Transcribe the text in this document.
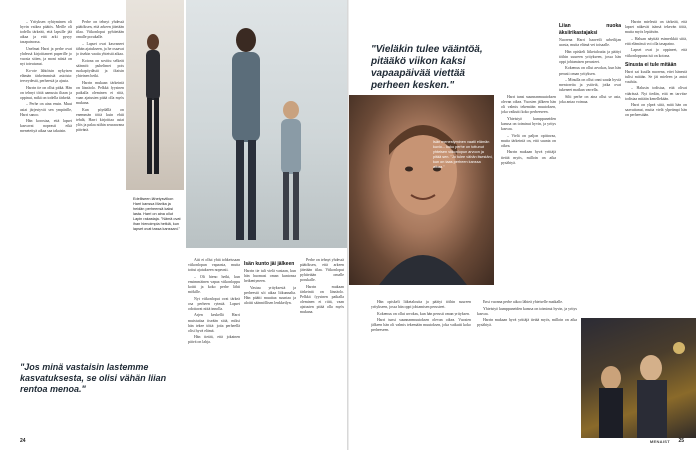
– Yrityksen ryhtyminen oli hyvin vaikea päätös. Meille oli todella tärkeää, että lapsille jää aikaa ja että arki pysyy tasapainossa.

Unelmat Harri ja perhe ovat yhdessä kirjoittaneet paperille jo vuosia sitten, ja moni niistä on nyt toteutunut.

Ko-ote lähtöisin nykyisen elämän tärkeimmistä asioista: terveydestä, perheestä ja ajasta.

Harrin tie on ollut pitkä. Hän on tehnyt töitä aamusta iltaan ja oppinut, mikä on todella tärkeää.

– Perhe on aina ensin. Muut asiat järjestyvät sen ympärille, Harri sanoo.

Hän korostaa, että lapset kasvavat nopeasti eikä menetettyä aikaa saa takaisin.

Perhe on tehnyt yhdessä päätöksen, että arkeen jätetään tilaa. Viikonloput pyhitetään omalle porukalle.

– Lapset ovat kasvaneet tähän ajatukseen, ja he osaavat jo itsekin vaatia yhteistä aikaa.

Kotona on sovittu selkeät säännöt: puhelimet pois ruokapöydästä ja iltaisin yhteinen hetki.

Harrin mukaan tärkeintä on läsnäolo. Pelkkä fyysinen paikalla oleminen ei riitä, vaan ajatusten pitää olla myös mukana.

Kun pöydällä on enemmän töitä kuin ehtii tehdä, Harri kirjoittaa asiat ylös ja palaa niihin seuraavana päivänä.

Edelliseen lähetysviikon Harri kanssa Marika ja heidän perheensä kaksi lasta. Harri on aina ollut Lapin rakastaja. "Nämä ovat ihan hienoimpia hetkiä, kun lapset ovat tassa kanssani."

Äiti ei ollut yhtä tohkeissaan viikonlopun vapaasta, mutta tottui ajatukseen nopeasti.

– Oli hieno hetki, kun ensimmäinen vapaa viikonloppu koitti ja koko perhe lähti mökille.

Nyt viikonloput ovat tärkeä osa perheen rytmiä. Lapset odottavat niitä innolla.

Arjen keskellä Harri muistuttaa itseään siitä, miksi hän tekee töitä: jotta perheellä olisi hyvä elämä.

Hän tietää, että jokainen päivä on lahja.

Isän kunto jäi jälkeen

Harrin tie tuli vielä vastaan, kun hän huomasi oman kuntonsa heikentyneen.

Vastuu yrityksestä ja perheestä söi aikaa liikunnalta. Hän päätti muuttaa suuntaa ja aloitti säännöllisen lenkkeilyn.

Perhe on tehnyt yhdessä päätöksen, että arkeen jätetään tilaa. Viikonloput pyhitetään omalle porukalle.

Harrin mukaan tärkeintä on läsnäolo. Pelkkä fyysinen paikalla oleminen ei riitä, vaan ajatusten pitää olla myös mukana.

"Jos minä vastaisin lastemme kasvatuksesta, se olisi vähän liian rentoa menoa."
24
"Vieläkin tulee vääntöä, pitääkö viikon kaksi vapaapäivää viettää perheen kesken."
Isän menestyminen vaatii elämän kuvio... koko perhe on tottunut yhteisen viikonlopun arvoon ja pitää sen. "Jo tulee vähän itsestäni, kun on taas perheen kanssa aikaa."

Harri tunsi suunnanmuutoksen olevan oikea. Vuosien jälkeen hän oli valmis tekemään muutoksen, joka vaikutti koko perheeseen.

Yhteistyö kumppaneiden kanssa on toiminut hyvin, ja yritys kasvaa.

– Vielä on paljon opittavaa, mutta tärkeintä on, että suunta on oikea.

Harrin mukaan hyvä yrittäjä tietää myös, milloin on aika pysähtyä.

Liian nuoka äksiirikastajaksi

Nuorena Harri haaveili urheilijan urasta, mutta elämä vei toisaalle.

Hän opiskeli liiketaloutta ja päätyi töihin suureen yritykseen, jossa hän oppi johtamisen perusteet.

Kokemus on ollut arvokas, kun hän perusti oman yrityksen.

– Minulla on ollut onni saada hyviä mentoreita ja ystäviä, jotka ovat tukeneet matkan varrella.

Silti perhe on aina ollut se asia, joka antaa voimaa.

Harrin mielestä on tärkeää, että lapset näkevät isänsä tekevän töitä, mutta myös lepäävän.

– Haluan näyttää esimerkkiä siitä, että elämässä voi olla tasapaino.

Lapset ovat jo oppineet, että viikonloppuna isä on kotona.

Sinusta ei tule mitään

Harri sai kuulla nuorena, ettei hänestä tulisi mitään. Se jäi mieleen ja antoi vauhtia.

– Halusin todistaa, että olivat väärässä. Nyt tiedän, että en tarvitse todistaa mitään kenellekään.

Harri on ylpeä siitä, mitä hän on saavuttanut, mutta vielä ylpeämpi hän on perheestään.

Hän opiskeli liiketaloutta ja päätyi töihin suureen yritykseen, jossa hän oppi johtamisen perusteet.

Kokemus on ollut arvokas, kun hän perusti oman yrityksen.

Harri tunsi suunnanmuutoksen olevan oikea. Vuosien jälkeen hän oli valmis tekemään muutoksen, joka vaikutti koko perheeseen.

Ensi vuonna perhe aikoo lähteä yhteiselle matkalle.

Yhteistyö kumppaneiden kanssa on toiminut hyvin, ja yritys kasvaa.

Harrin mukaan hyvä yrittäjä tietää myös, milloin on aika pysähtyä.

MENAIST 25
